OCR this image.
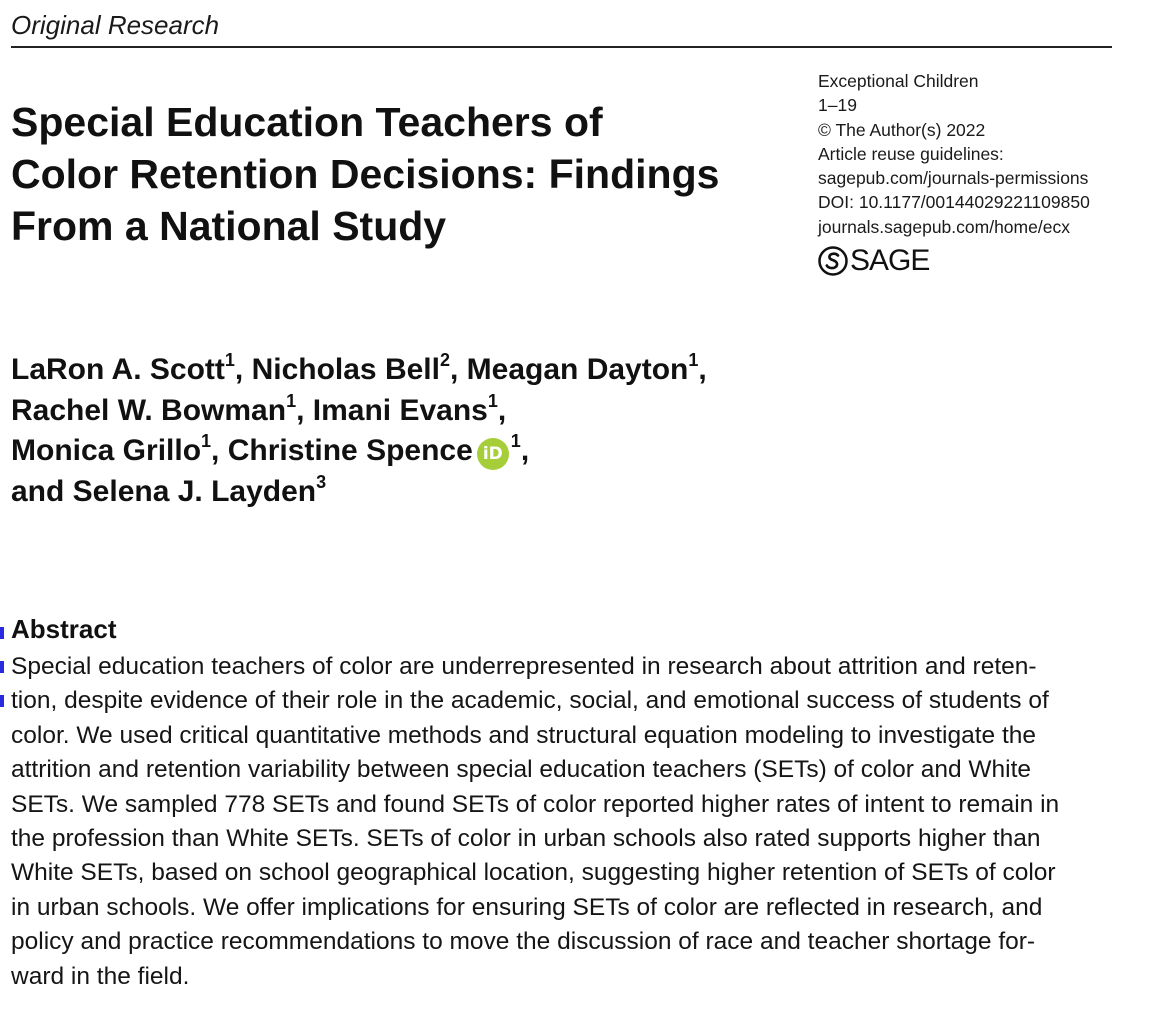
Original Research
Special Education Teachers of
Color Retention Decisions: Findings
From a National Study
Exceptional Children
1–19
© The Author(s) 2022
Article reuse guidelines:
sagepub.com/journals-permissions
DOI: 10.1177/00144029221109850
journals.sagepub.com/home/ecx
SAGE
LaRon A. Scott$^1$, Nicholas Bell$^2$, Meagan Dayton$^1$,
Rachel W. Bowman$^1$, Imani Evans$^1$,
Monica Grillo$^1$, Christine Spence $iD^1$,
and Selena J. Layden$^3$
Abstract
Special education teachers of color are underrepresented in research about attrition and reten-
tion, despite evidence of their role in the academic, social, and emotional success of students of
color. We used critical quantitative methods and structural equation modeling to investigate the
attrition and retention variability between special education teachers (SETs) of color and White
SETs. We sampled 778 SETs and found SETs of color reported higher rates of intent to remain in
the profession than White SETs. SETs of color in urban schools also rated supports higher than
White SETs, based on school geographical location, suggesting higher retention of SETs of color
in urban schools. We offer implications for ensuring SETs of color are reflected in research, and
policy and practice recommendations to move the discussion of race and teacher shortage for-
ward in the field.
